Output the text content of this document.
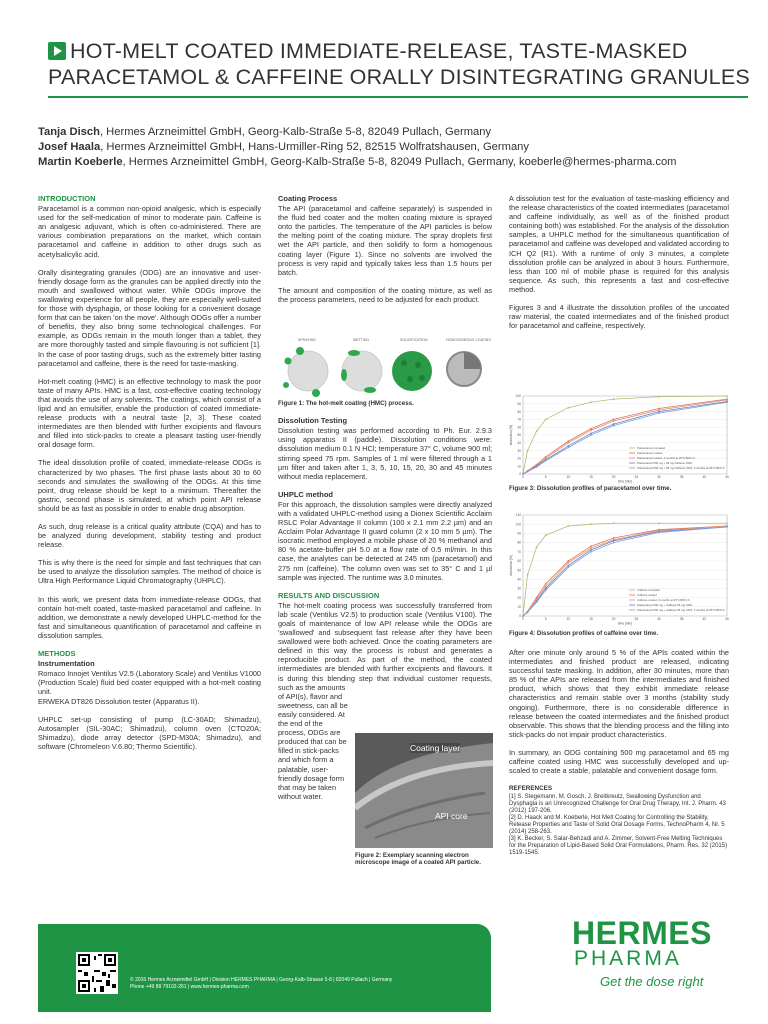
HOT-MELT COATED IMMEDIATE-RELEASE, TASTE-MASKED
PARACETAMOL & CAFFEINE ORALLY DISINTEGRATING GRANULES
Tanja Disch, Hermes Arzneimittel GmbH, Georg-Kalb-Straße 5-8, 82049 Pullach, Germany
Josef Haala, Hermes Arzneimittel GmbH, Hans-Urmiller-Ring 52, 82515 Wolfratshausen, Germany
Martin Koeberle, Hermes Arzneimittel GmbH, Georg-Kalb-Straße 5-8, 82049 Pullach, Germany, koeberle@hermes-pharma.com
INTRODUCTION

Paracetamol is a common non-opioid analgesic, which is especially used for the self-medication of minor to moderate pain. Caffeine is an analgesic adjuvant, which is often co-administered. There are various combination preparations on the market, which contain paracetamol and caffeine in addition to other drugs such as acetylsalicylic acid.

Orally disintegrating granules (ODG) are an innovative and user-friendly dosage form as the granules can be applied directly into the mouth and swallowed without water. While ODGs improve the swallowing experience for all people, they are especially well-suited for those with dysphagia, or those looking for a convenient dosage form that can be taken 'on the move'. Although ODGs offer a number of benefits, they also bring some technological challenges. For example, as ODGs remain in the mouth longer than a tablet, they are more thoroughly tasted and simple flavouring is not sufficient [1]. In the case of poor tasting drugs, such as the extremely bitter tasting paracetamol and caffeine, there is the need for taste-masking.

Hot-melt coating (HMC) is an effective technology to mask the poor taste of many APIs. HMC is a fast, cost-effective coating technology that avoids the use of any solvents. The coatings, which consist of a lipid and an emulsifier, enable the production of coated immediate-release products with a neutral taste [2, 3]. These coated intermediates are then blended with further excipients and flavours and filled into stick-packs to create a pleasant tasting user-friendly oral dosage form.

The ideal dissolution profile of coated, immediate-release ODGs is characterized by two phases. The first phase lasts about 30 to 60 seconds and simulates the swallowing of the ODGs. At this time point, drug release should be kept to a minimum. Thereafter the gastric, second phase is simulated, at which point API release should be as fast as possible in order to enable drug absorption.

As such, drug release is a critical quality attribute (CQA) and has to be analyzed during development, stability testing and product release.

This is why there is the need for simple and fast techniques that can be used to analyze the dissolution samples. The method of choice is Ultra High Performance Liquid Chromatography (UHPLC).

In this work, we present data from immediate-release ODGs, that contain hot-melt coated, taste-masked paracetamol and caffeine. In addition, we demonstrate a newly developed UHPLC-method for the fast and simultaneous quantification of paracetamol and caffeine in dissolution samples.

METHODS
Instrumentation

Romaco Innojet Ventilus V2.5 (Laboratory Scale) and Ventilus V1000 (Production Scale) fluid bed coater equipped with a hot-melt coating unit.

ERWEKA DT826 Dissolution tester (Apparatus II).

UHPLC set-up consisting of pump (LC-30AD; Shimadzu), Autosampler (SIL-30AC; Shimadzu), column oven (CTO20A; Shimadzu), diode array detector (SPD-M30A; Shimadzu), and software (Chromeleon V.6.80; Thermo Scientific).

Coating Process

The API (paracetamol and caffeine separately) is suspended in the fluid bed coater and the molten coating mixture is sprayed onto the particles. The temperature of the API particles is below the melting point of the coating mixture. The spray droplets first wet the API particle, and then solidify to form a homogenous coating layer (Figure 1). Since no solvents are involved the process is very rapid and typically takes less than 1.5 hours per batch.

The amount and composition of the coating mixture, as well as the process parameters, need to be adjusted for each product.

Figure 1: The hot-melt coating (HMC) process.
Dissolution Testing

Dissolution testing was performed according to Ph. Eur. 2.9.3 using apparatus II (paddle). Dissolution conditions were: dissolution medium 0.1 N HCl; temperature 37° C, volume 900 ml; stirring speed 75 rpm. Samples of 1 ml were filtered through a 1 µm filter and taken after 1, 3, 5, 10, 15, 20, 30 and 45 minutes without media replacement.

UHPLC method

For this approach, the dissolution samples were directly analyzed with a validated UHPLC-method using a Dionex Scientific Acclaim RSLC Polar Advantage II column (100 x 2.1 mm 2.2 µm) and an Acclaim Polar Advantage II guard column (2 x 10 mm 5 µm). The isocratic method employed a mobile phase of 20 % methanol and 80 % acetate-buffer pH 5.0 at a flow rate of 0.5 ml/min. In this case, the analytes can be detected at 245 nm (paracetamol) and 275 nm (caffeine). The column oven was set to 35° C and 1 µl sample was injected. The runtime was 3.0 minutes.

RESULTS AND DISCUSSION

The hot-melt coating process was successfully transferred from lab scale (Ventilus V2.5) to production scale (Ventilus V100). The goals of maintenance of low API release while the ODGs are 'swallowed' and subsequent fast release after they have been swallowed were both achieved. Once the coating parameters are defined in this way the process is robust and generates a reproducible product. As part of the method, the coated intermediates are blended with further excipients and flavours. It is during this blending step that individual customer requests, such as the amounts

of API(s), flavor and sweetness, can all be easily considered. At the end of the process, ODGs are produced that can be filled in stick-packs and which form a palatable, user-friendly dosage form that may be taken without water.

SPRAYING	WETTING	SOLIDIFICATION	HOMOGENEOUS COATING
Coating layer
API core
Figure 2: Exemplary scanning electron microscope image of a coated API particle.

A dissolution test for the evaluation of taste-masking efficiency and the release characteristics of the coated intermediates (paracetamol and caffeine individually, as well as of the finished product containing both) was established. For the analysis of the dissolution samples, a UHPLC method for the simultaneous quantification of paracetamol and caffeine was developed and validated according to ICH Q2 (R1). With a runtime of only 3 minutes, a complete dissolution profile can be analyzed in about 3 hours. Furthermore, less than 100 ml of mobile phase is required for this analysis sequence. As such, this represents a fast and cost-effective method.

Figures 3 and 4 illustrate the dissolution profiles of the uncoated raw material, the coated intermediates and of the finished product for paracetamol and caffeine, respectively.

0
10
20
30
40
50
60
70
80
90
100
0	5	10	15	20	25	30	35	40	45
time [min]
dissolution [%]
Paracetamol uncoated
Paracetamol coated
Paracetamol coated, 3 months at 25°C/60% rh
Paracetamol 500 mg + 65 mg Caffeine ODG
Paracetamol 500 mg + 65 mg Caffeine ODG, 3 months at 25°C/60% rh
Figure 3: Dissolution profiles of paracetamol over time.
0
10
20
30
40
50
60
70
80
90
100
110
0	5	10	15	20	25	30	35	40	45
time [min]
dissolution [%]
Caffeine uncoated
Caffeine coated
Caffeine coated, 3 months at 25°C/60% rh
Paracetamol 500 mg + Caffeine 65 mg ODG
Paracetamol 500 mg + Caffeine 65 mg ODG, 3 months at 25°C/60% rh
Figure 4: Dissolution profiles of caffeine over time.

After one minute only around 5 % of the APIs coated within the intermediates and finished product are released, indicating successful taste masking. In addition, after 30 minutes, more than 85 % of the APIs are released from the intermediates and finished product, which shows that they exhibit immediate release characteristics and remain stable over 3 months (stability study ongoing). Furthermore, there is no considerable difference in release between the coated intermediates and the finished product observable. This shows that the blending process and the filling into stick-packs do not impair product characteristics.

In summary, an ODG containing 500 mg paracetamol and 65 mg caffeine coated using HMC was successfully developed and up-scaled to create a stable, palatable and convenient dosage form.

REFERENCES
[1] S. Stegemann, M. Gosch, J. Breitkreutz, Swallowing Dysfunction and Dysphagia is an Unrecognized Challenge for Oral Drug Therapy, Int. J. Pharm. 43 (2012) 197-206.
[2] D. Haack and M. Koeberle, Hot Melt Coating for Controlling the Stability, Release Properties and Taste of Solid Oral Dosage Forms, TechnoPharm 4, Nr. 5 (2014) 258-263.
[3] K. Becker, S. Salar-Behzadi and A. Zimmer, Solvent-Free Melting Techniques for the Preparation of Lipid-Based Solid Oral Formulations, Pharm. Res. 32 (2015) 1519-1545.
© 2016 Hermes Arzneimittel GmbH | Division HERMES PHARMA | Georg-Kalb-Strasse 5-8 | 82049 Pullach | Germany
Phone +49 89 79102-261 | www.hermes-pharma.com
HERMES
PHARMA
Get the dose right
